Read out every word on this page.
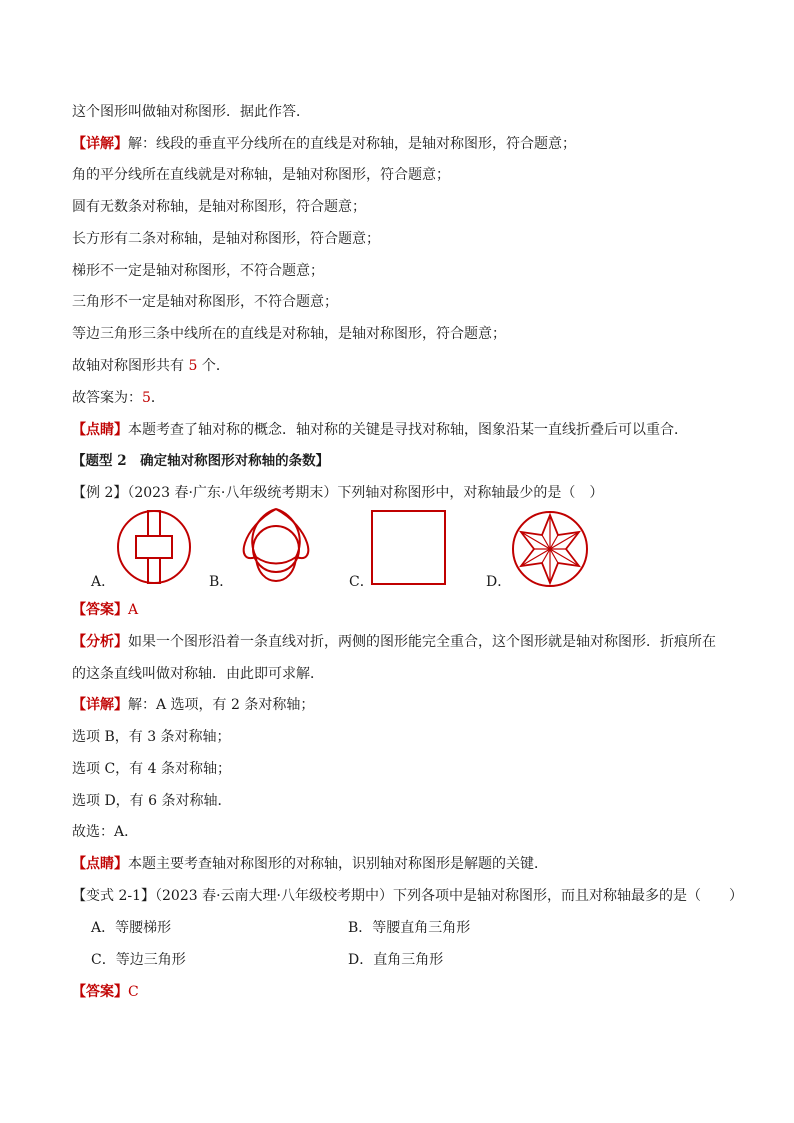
这个图形叫做轴对称图形．据此作答．
【详解】解：线段的垂直平分线所在的直线是对称轴，是轴对称图形，符合题意；
角的平分线所在直线就是对称轴，是轴对称图形，符合题意；
圆有无数条对称轴，是轴对称图形，符合题意；
长方形有二条对称轴，是轴对称图形，符合题意；
梯形不一定是轴对称图形，不符合题意；
三角形不一定是轴对称图形，不符合题意；
等边三角形三条中线所在的直线是对称轴，是轴对称图形，符合题意；
故轴对称图形共有 5 个．
故答案为：5．
【点睛】本题考查了轴对称的概念．轴对称的关键是寻找对称轴，图象沿某一直线折叠后可以重合．
【题型 2　确定轴对称图形对称轴的条数】
【例 2】（2023 春·广东·八年级统考期末）下列轴对称图形中，对称轴最少的是（　）
A．	B．	C．	D．
【答案】A
【分析】如果一个图形沿着一条直线对折，两侧的图形能完全重合，这个图形就是轴对称图形．折痕所在
的这条直线叫做对称轴．由此即可求解．
【详解】解：A 选项，有 2 条对称轴；
选项 B，有 3 条对称轴；
选项 C，有 4 条对称轴；
选项 D，有 6 条对称轴．
故选：A．
【点睛】本题主要考查轴对称图形的对称轴，识别轴对称图形是解题的关键．
【变式 2-1】（2023 春·云南大理·八年级校考期中）下列各项中是轴对称图形，而且对称轴最多的是（　　）
A．等腰梯形	B．等腰直角三角形
C．等边三角形	D．直角三角形
【答案】C
